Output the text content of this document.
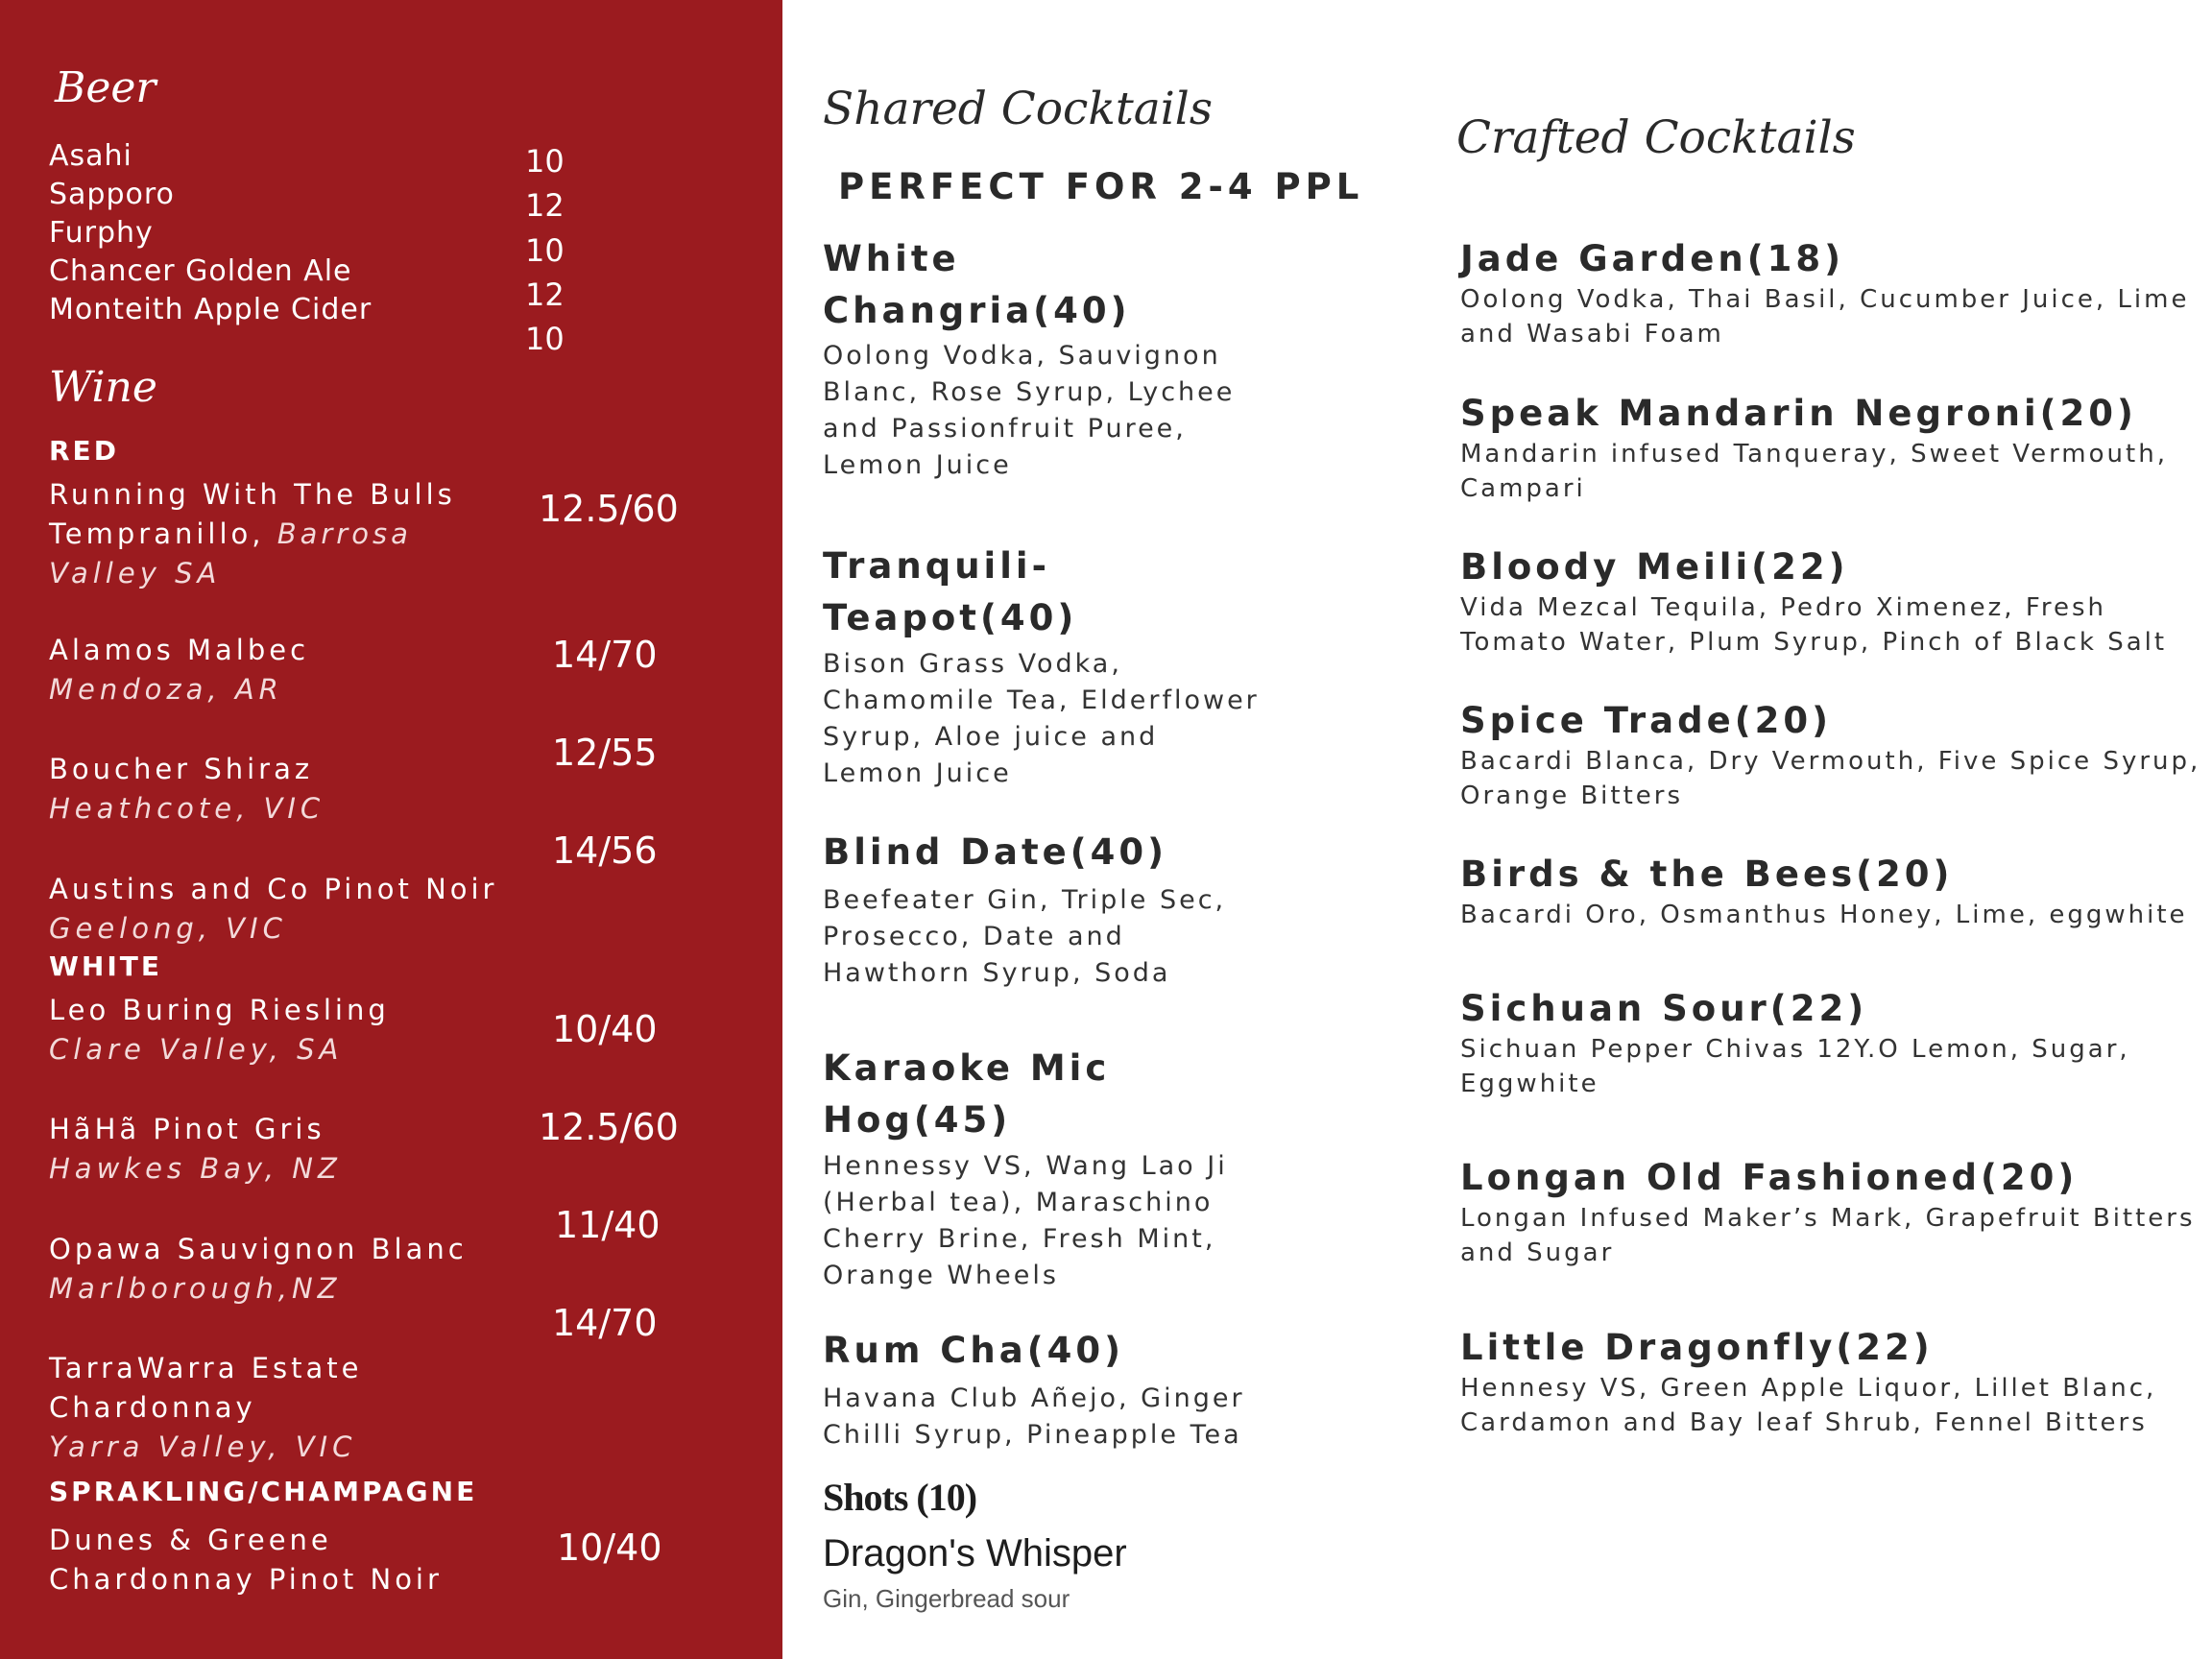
Beer
Asahi
Sapporo
Furphy
Chancer Golden Ale
Monteith Apple Cider
10
12
10
12
10
Wine
RED
Running With The Bulls
Tempranillo, Barrosa
Valley SA
12.5/60
Alamos Malbec
Mendoza, AR
14/70
Boucher Shiraz
Heathcote, VIC
12/55
Austins and Co Pinot Noir
Geelong, VIC
14/56
WHITE
Leo Buring Riesling
Clare Valley, SA	10/40
HãHã Pinot Gris
Hawkes Bay, NZ
12.5/60
Opawa Sauvignon Blanc
Marlborough,NZ
11/40
TarraWarra Estate
Chardonnay
Yarra Valley, VIC
14/70
SPRAKLING/CHAMPAGNE
Dunes & Greene
Chardonnay Pinot Noir
10/40
Shared Cocktails
PERFECT FOR 2-4 PPL
White
Changria(40)
Oolong Vodka, Sauvignon
Blanc, Rose Syrup, Lychee
and Passionfruit Puree,
Lemon Juice
Tranquili-
Teapot(40)
Bison Grass Vodka,
Chamomile Tea, Elderflower
Syrup, Aloe juice and
Lemon Juice
Blind Date(40)
Beefeater Gin, Triple Sec,
Prosecco, Date and
Hawthorn Syrup, Soda
Karaoke Mic
Hog(45)
Hennessy VS, Wang Lao Ji
(Herbal tea), Maraschino
Cherry Brine, Fresh Mint,
Orange Wheels
Rum Cha(40)
Havana Club Añejo, Ginger
Chilli Syrup, Pineapple Tea
Shots (10)
Dragon's Whisper
Gin, Gingerbread sour
Crafted Cocktails
Jade Garden(18)
Oolong Vodka, Thai Basil, Cucumber Juice, Lime
and Wasabi Foam
Speak Mandarin Negroni(20)
Mandarin infused Tanqueray, Sweet Vermouth,
Campari
Bloody Meili(22)
Vida Mezcal Tequila, Pedro Ximenez, Fresh
Tomato Water, Plum Syrup, Pinch of Black Salt
Spice Trade(20)
Bacardi Blanca, Dry Vermouth, Five Spice Syrup,
Orange Bitters
Birds & the Bees(20)
Bacardi Oro, Osmanthus Honey, Lime, eggwhite
Sichuan Sour(22)
Sichuan Pepper Chivas 12Y.O Lemon, Sugar,
Eggwhite
Longan Old Fashioned(20)
Longan Infused Maker’s Mark, Grapefruit Bitters
and Sugar
Little Dragonfly(22)
Hennesy VS, Green Apple Liquor, Lillet Blanc,
Cardamon and Bay leaf Shrub, Fennel Bitters
